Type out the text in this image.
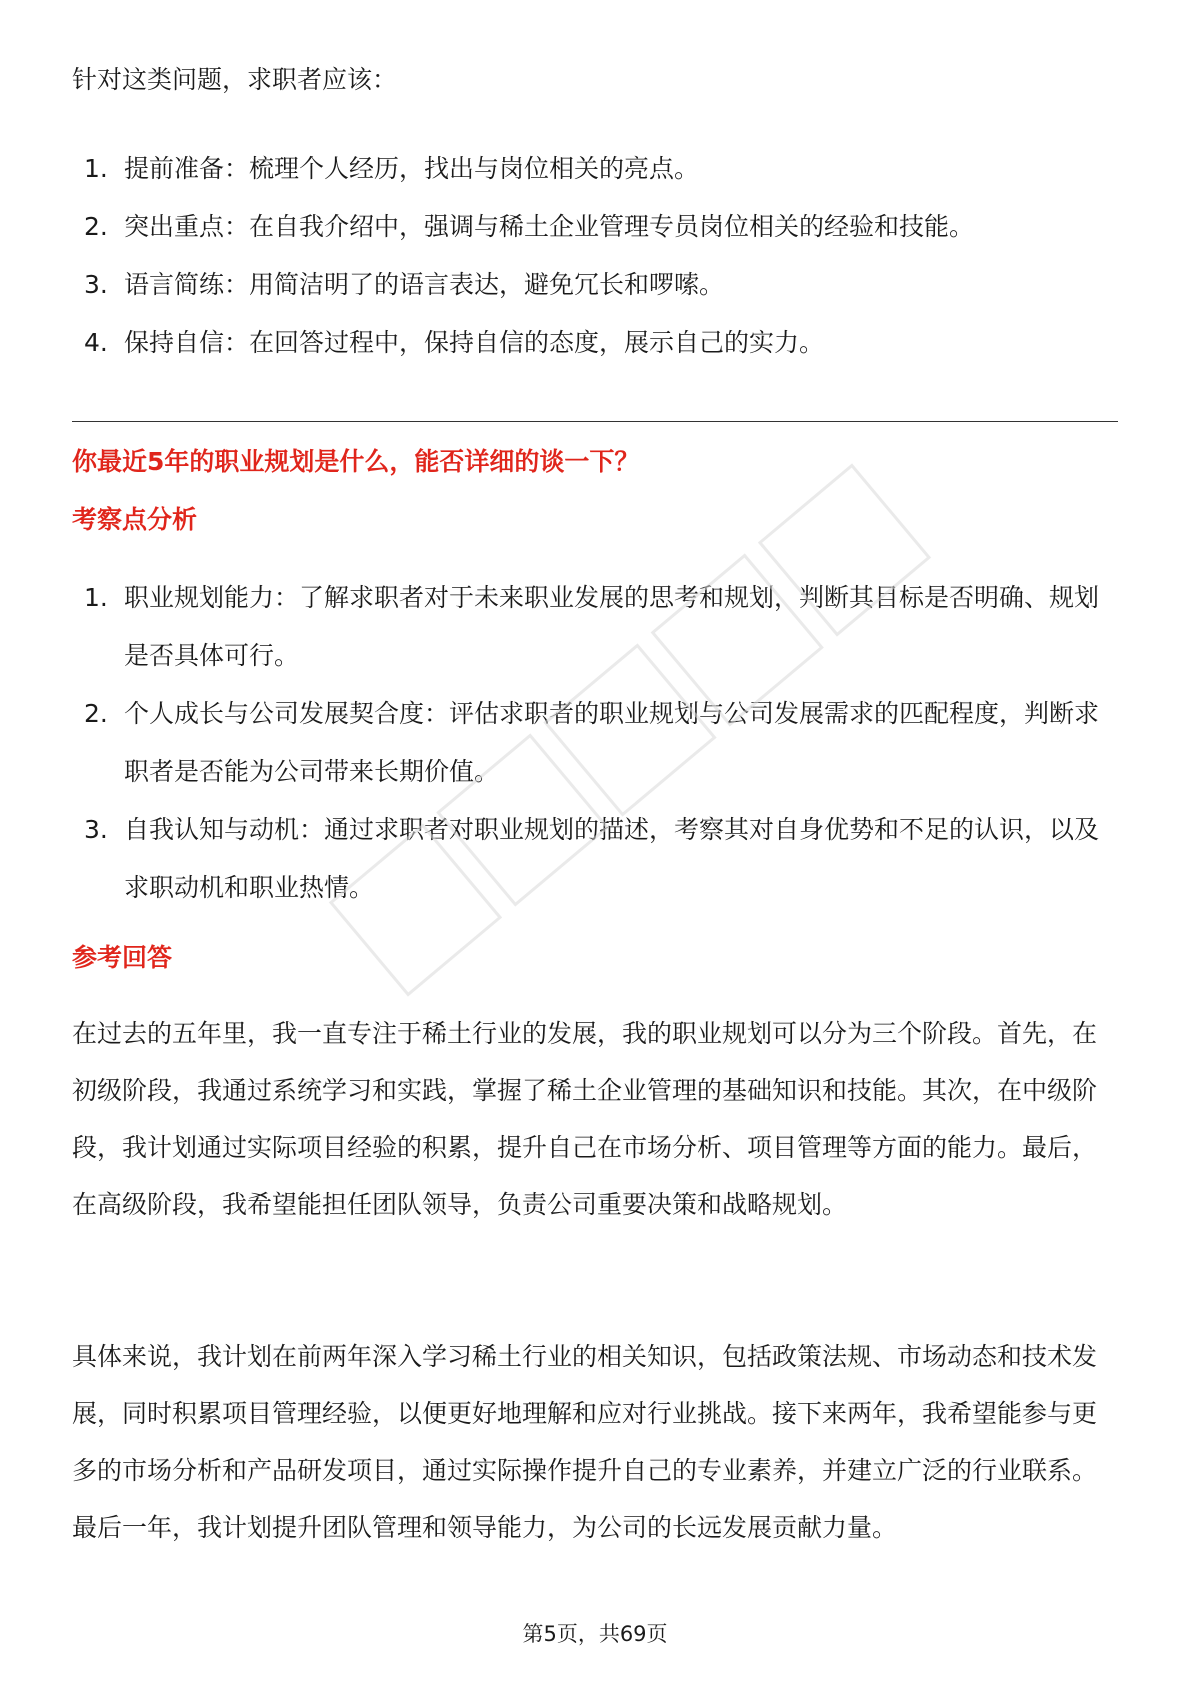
针对这类问题，求职者应该：

1. 提前准备：梳理个人经历，找出与岗位相关的亮点。
2. 突出重点：在自我介绍中，强调与稀土企业管理专员岗位相关的经验和技能。
3. 语言简练：用简洁明了的语言表达，避免冗长和啰嗦。
4. 保持自信：在回答过程中，保持自信的态度，展示自己的实力。
你最近5年的职业规划是什么，能否详细的谈一下？
考察点分析
1. 职业规划能力：了解求职者对于未来职业发展的思考和规划，判断其目标是否明确、规划是否具体可行。
2. 个人成长与公司发展契合度：评估求职者的职业规划与公司发展需求的匹配程度，判断求职者是否能为公司带来长期价值。
3. 自我认知与动机：通过求职者对职业规划的描述，考察其对自身优势和不足的认识，以及求职动机和职业热情。
参考回答

在过去的五年里，我一直专注于稀土行业的发展，我的职业规划可以分为三个阶段。首先，在初级阶段，我通过系统学习和实践，掌握了稀土企业管理的基础知识和技能。其次，在中级阶段，我计划通过实际项目经验的积累，提升自己在市场分析、项目管理等方面的能力。最后，在高级阶段，我希望能担任团队领导，负责公司重要决策和战略规划。

具体来说，我计划在前两年深入学习稀土行业的相关知识，包括政策法规、市场动态和技术发展，同时积累项目管理经验，以便更好地理解和应对行业挑战。接下来两年，我希望能参与更多的市场分析和产品研发项目，通过实际操作提升自己的专业素养，并建立广泛的行业联系。最后一年，我计划提升团队管理和领导能力，为公司的长远发展贡献力量。

第5页，共69页
